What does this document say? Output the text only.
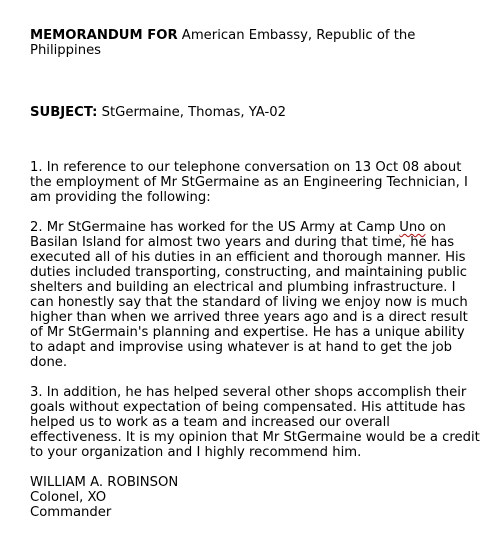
MEMORANDUM FOR American Embassy, Republic of the
Philippines
SUBJECT: StGermaine, Thomas, YA-02
1. In reference to our telephone conversation on 13 Oct 08 about
the employment of Mr StGermaine as an Engineering Technician, I
am providing the following:
2. Mr StGermaine has worked for the US Army at Camp Uno on
Basilan Island for almost two years and during that time, he has
executed all of his duties in an efficient and thorough manner. His
duties included transporting, constructing, and maintaining public
shelters and building an electrical and plumbing infrastructure. I
can honestly say that the standard of living we enjoy now is much
higher than when we arrived three years ago and is a direct result
of Mr StGermain's planning and expertise. He has a unique ability
to adapt and improvise using whatever is at hand to get the job
done.
3. In addition, he has helped several other shops accomplish their
goals without expectation of being compensated. His attitude has
helped us to work as a team and increased our overall
effectiveness. It is my opinion that Mr StGermaine would be a credit
to your organization and I highly recommend him.
WILLIAM A. ROBINSON
Colonel, XO
Commander
